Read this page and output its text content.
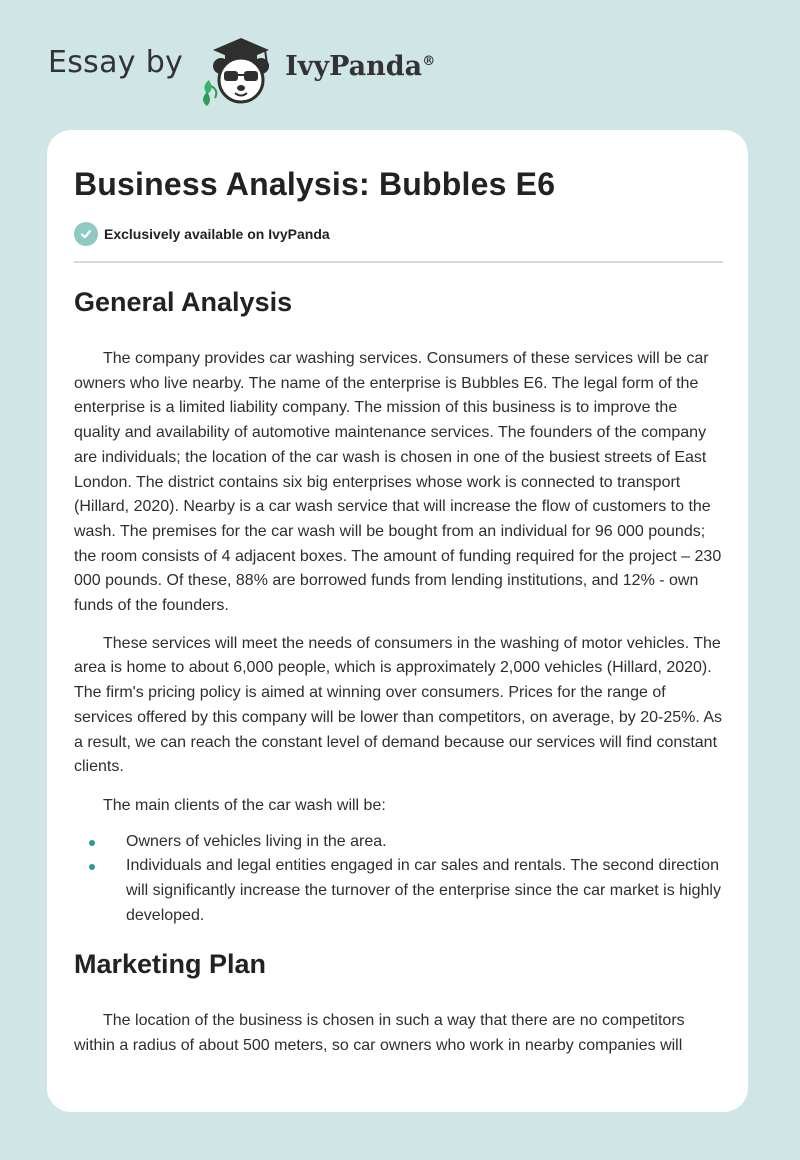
Essay by	IvyPanda®
Business Analysis: Bubbles E6
Exclusively available on IvyPanda
General Analysis

The company provides car washing services. Consumers of these services will be car owners who live nearby. The name of the enterprise is Bubbles E6. The legal form of the enterprise is a limited liability company. The mission of this business is to improve the quality and availability of automotive maintenance services. The founders of the company are individuals; the location of the car wash is chosen in one of the busiest streets of East London. The district contains six big enterprises whose work is connected to transport (Hillard, 2020). Nearby is a car wash service that will increase the flow of customers to the wash. The premises for the car wash will be bought from an individual for 96 000 pounds; the room consists of 4 adjacent boxes. The amount of funding required for the project – 230 000 pounds. Of these, 88% are borrowed funds from lending institutions, and 12% - own funds of the founders.

These services will meet the needs of consumers in the washing of motor vehicles. The area is home to about 6,000 people, which is approximately 2,000 vehicles (Hillard, 2020). The firm's pricing policy is aimed at winning over consumers. Prices for the range of services offered by this company will be lower than competitors, on average, by 20-25%. As a result, we can reach the constant level of demand because our services will find constant clients.

The main clients of the car wash will be:

Owners of vehicles living in the area.
Individuals and legal entities engaged in car sales and rentals. The second direction will significantly increase the turnover of the enterprise since the car market is highly developed.
Marketing Plan

The location of the business is chosen in such a way that there are no competitors within a radius of about 500 meters, so car owners who work in nearby companies will
